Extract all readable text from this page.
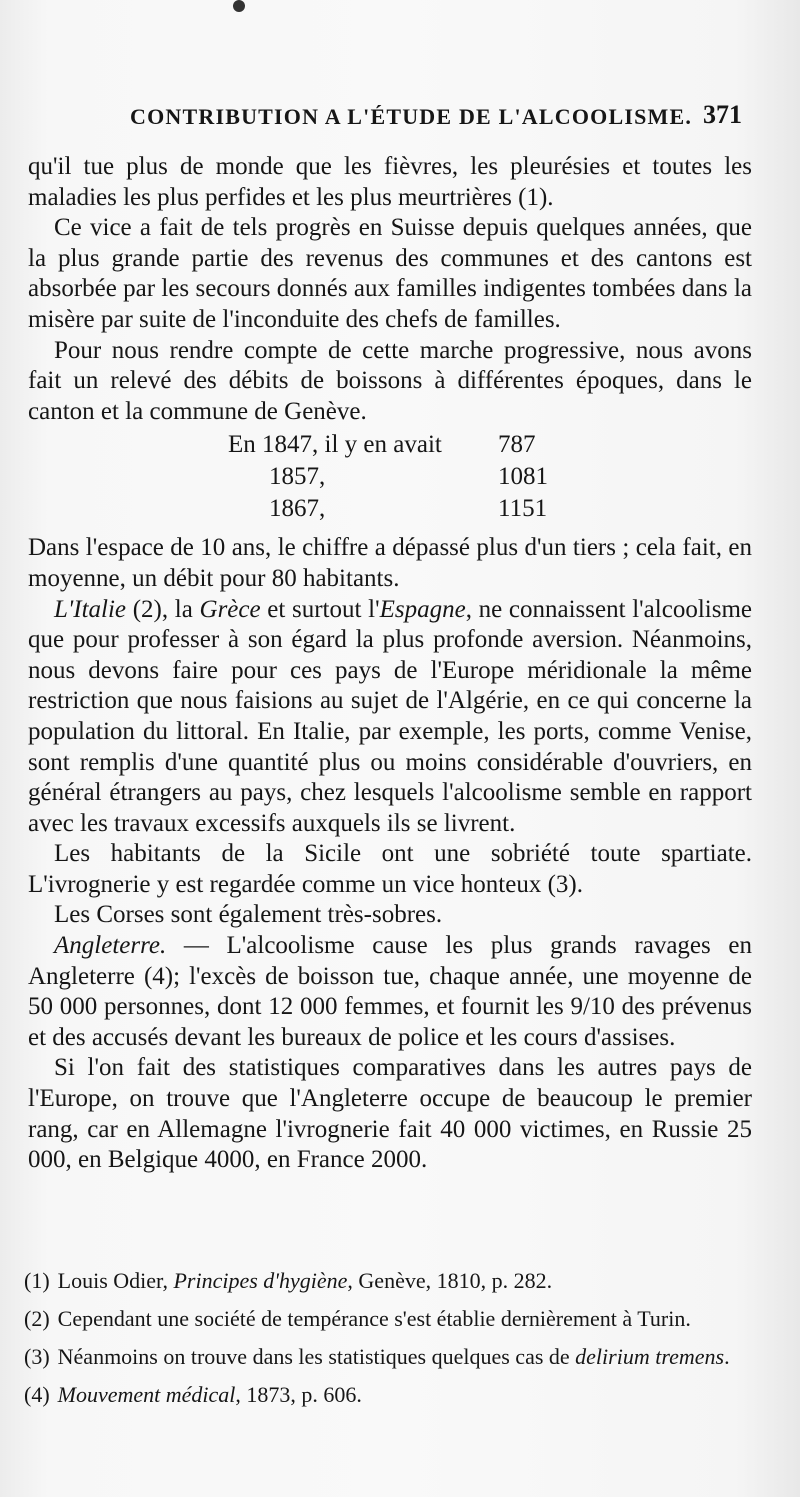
CONTRIBUTION A L'ÉTUDE DE L'ALCOOLISME. 371

qu'il tue plus de monde que les fièvres, les pleurésies et toutes les maladies les plus perfides et les plus meurtrières (1).

Ce vice a fait de tels progrès en Suisse depuis quelques années, que la plus grande partie des revenus des communes et des cantons est absorbée par les secours donnés aux familles indigentes tombées dans la misère par suite de l'inconduite des chefs de familles.

Pour nous rendre compte de cette marche progressive, nous avons fait un relevé des débits de boissons à différentes époques, dans le canton et la commune de Genève.

En 1847, il y en avait 787
1857,	1081
1867,	1151

Dans l'espace de 10 ans, le chiffre a dépassé plus d'un tiers ; cela fait, en moyenne, un débit pour 80 habitants.

L'Italie (2), la Grèce et surtout l'Espagne, ne connaissent l'alcoolisme que pour professer à son égard la plus profonde aversion. Néanmoins, nous devons faire pour ces pays de l'Europe méridionale la même restriction que nous faisions au sujet de l'Algérie, en ce qui concerne la population du littoral. En Italie, par exemple, les ports, comme Venise, sont remplis d'une quantité plus ou moins considérable d'ouvriers, en général étrangers au pays, chez lesquels l'alcoolisme semble en rapport avec les travaux excessifs auxquels ils se livrent.

Les habitants de la Sicile ont une sobriété toute spartiate. L'ivrognerie y est regardée comme un vice honteux (3).

Les Corses sont également très-sobres.

Angleterre. — L'alcoolisme cause les plus grands ravages en Angleterre (4); l'excès de boisson tue, chaque année, une moyenne de 50 000 personnes, dont 12 000 femmes, et fournit les 9/10 des prévenus et des accusés devant les bureaux de police et les cours d'assises.

Si l'on fait des statistiques comparatives dans les autres pays de l'Europe, on trouve que l'Angleterre occupe de beaucoup le premier rang, car en Allemagne l'ivrognerie fait 40 000 victimes, en Russie 25 000, en Belgique 4000, en France 2000.

(1) Louis Odier, Principes d'hygiène, Genève, 1810, p. 282.

(2) Cependant une société de tempérance s'est établie dernièrement à Turin.

(3) Néanmoins on trouve dans les statistiques quelques cas de delirium tremens.

(4) Mouvement médical, 1873, p. 606.
